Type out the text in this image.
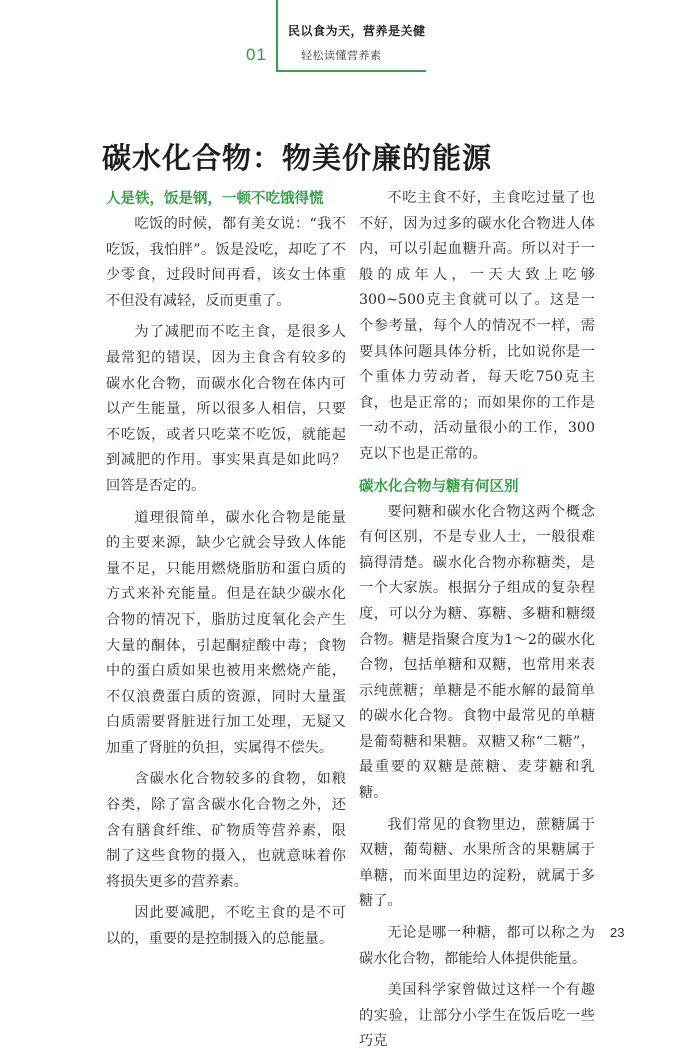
民以食为天，营养是关健
01	轻松读懂营养素
碳水化合物：物美价廉的能源
人是铁，饭是钢，一顿不吃饿得慌

吃饭的时候，都有美女说：“我不吃饭，我怕胖”。饭是没吃，却吃了不少零食，过段时间再看，该女士体重不但没有减轻，反而更重了。

为了减肥而不吃主食，是很多人最常犯的错误，因为主食含有较多的碳水化合物，而碳水化合物在体内可以产生能量，所以很多人相信，只要不吃饭，或者只吃菜不吃饭，就能起到减肥的作用。事实果真是如此吗？回答是否定的。

道理很简单，碳水化合物是能量的主要来源，缺少它就会导致人体能量不足，只能用燃烧脂肪和蛋白质的方式来补充能量。但是在缺少碳水化合物的情况下，脂肪过度氧化会产生大量的酮体，引起酮症酸中毒；食物中的蛋白质如果也被用来燃烧产能，不仅浪费蛋白质的资源，同时大量蛋白质需要肾脏进行加工处理，无疑又加重了肾脏的负担，实属得不偿失。

含碳水化合物较多的食物，如粮谷类，除了富含碳水化合物之外，还含有膳食纤维、矿物质等营养素，限制了这些食物的摄入，也就意味着你将损失更多的营养素。

因此要减肥，不吃主食的是不可以的，重要的是控制摄入的总能量。

不吃主食不好，主食吃过量了也不好，因为过多的碳水化合物进人体内，可以引起血糖升高。所以对于一般的成年人，一天大致上吃够300~500克主食就可以了。这是一个参考量，每个人的情况不一样，需要具体问题具体分析，比如说你是一个重体力劳动者，每天吃750克主食，也是正常的；而如果你的工作是一动不动，活动量很小的工作，300克以下也是正常的。

碳水化合物与糖有何区别

要问糖和碳水化合物这两个概念有何区别，不是专业人士，一般很难搞得清楚。碳水化合物亦称糖类，是一个大家族。根据分子组成的复杂程度，可以分为糖、寡糖、多糖和糖缀合物。糖是指聚合度为1～2的碳水化合物，包括单糖和双糖，也常用来表示纯蔗糖；单糖是不能水解的最简单的碳水化合物。食物中最常见的单糖是葡萄糖和果糖。双糖又称“二糖”，最重要的双糖是蔗糖、麦芽糖和乳糖。

我们常见的食物里边，蔗糖属于双糖，葡萄糖、水果所含的果糖属于单糖，而米面里边的淀粉，就属于多糖了。

无论是哪一种糖，都可以称之为碳水化合物，都能给人体提供能量。

美国科学家曾做过这样一个有趣的实验，让部分小学生在饭后吃一些巧克

23
